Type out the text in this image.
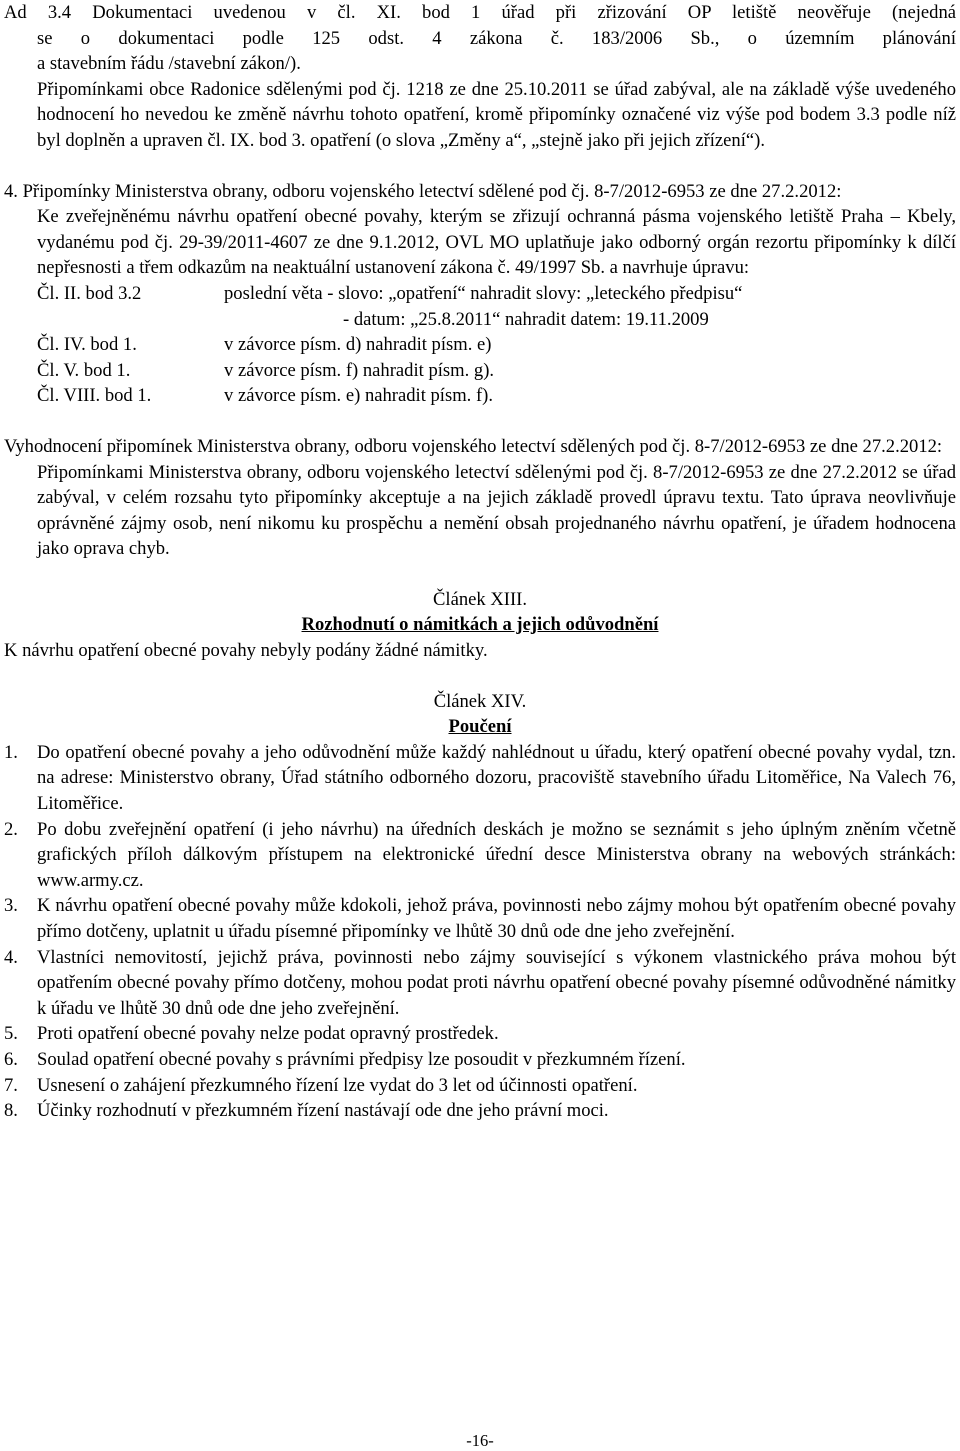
Ad 3.4 Dokumentaci uvedenou v čl. XI. bod 1 úřad při zřizování OP letiště neověřuje (nejedná

se o dokumentaci podle 125 odst. 4 zákona č. 183/2006 Sb., o územním plánování

a stavebním řádu /stavební zákon/).

Připomínkami obce Radonice sdělenými pod čj. 1218 ze dne 25.10.2011 se úřad zabýval, ale na základě výše uvedeného hodnocení ho nevedou ke změně návrhu tohoto opatření, kromě připomínky označené viz výše pod bodem 3.3 podle níž byl doplněn a upraven čl. IX. bod 3. opatření (o slova „Změny a“, „stejně jako při jejich zřízení“).

4. Připomínky Ministerstva obrany, odboru vojenského letectví sdělené pod čj. 8-7/2012-6953 ze dne 27.2.2012:

Ke zveřejněnému návrhu opatření obecné povahy, kterým se zřizují ochranná pásma vojenského letiště Praha – Kbely, vydanému pod čj. 29-39/2011-4607 ze dne 9.1.2012, OVL MO uplatňuje jako odborný orgán rezortu připomínky k dílčí nepřesnosti a třem odkazům na neaktuální ustanovení zákona č. 49/1997 Sb. a navrhuje úpravu:

Čl. II. bod 3.2	poslední věta - slovo: „opatření“ nahradit slovy: „leteckého předpisu“
- datum: „25.8.2011“ nahradit datem: 19.11.2009
Čl. IV. bod 1.	v závorce písm. d) nahradit písm. e)
Čl. V. bod 1.	v závorce písm. f) nahradit písm. g).
Čl. VIII. bod 1.	v závorce písm. e) nahradit písm. f).

Vyhodnocení připomínek Ministerstva obrany, odboru vojenského letectví sdělených pod čj. 8-7/2012-6953 ze dne 27.2.2012:

Připomínkami Ministerstva obrany, odboru vojenského letectví sdělenými pod čj. 8-7/2012-6953 ze dne 27.2.2012 se úřad zabýval, v celém rozsahu tyto připomínky akceptuje a na jejich základě provedl úpravu textu. Tato úprava neovlivňuje oprávněné zájmy osob, není nikomu ku prospěchu a nemění obsah projednaného návrhu opatření, je úřadem hodnocena jako oprava chyb.

Článek XIII.

Rozhodnutí o námitkách a jejich odůvodnění

K návrhu opatření obecné povahy nebyly podány žádné námitky.

Článek XIV.

Poučení

1.	Do opatření obecné povahy a jeho odůvodnění může každý nahlédnout u úřadu, který opatření obecné povahy vydal, tzn. na adrese: Ministerstvo obrany, Úřad státního odborného dozoru, pracoviště stavebního úřadu Litoměřice, Na Valech 76, Litoměřice.
2.	Po dobu zveřejnění opatření (i jeho návrhu) na úředních deskách je možno se seznámit s jeho úplným zněním včetně grafických příloh dálkovým přístupem na elektronické úřední desce Ministerstva obrany na webových stránkách: www.army.cz.
3.	K návrhu opatření obecné povahy může kdokoli, jehož práva, povinnosti nebo zájmy mohou být opatřením obecné povahy přímo dotčeny, uplatnit u úřadu písemné připomínky ve lhůtě 30 dnů ode dne jeho zveřejnění.
4.	Vlastníci nemovitostí, jejichž práva, povinnosti nebo zájmy související s výkonem vlastnického práva mohou být opatřením obecné povahy přímo dotčeny, mohou podat proti návrhu opatření obecné povahy písemné odůvodněné námitky k úřadu ve lhůtě 30 dnů ode dne jeho zveřejnění.
5.	Proti opatření obecné povahy nelze podat opravný prostředek.
6.	Soulad opatření obecné povahy s právními předpisy lze posoudit v přezkumném řízení.
7.	Usnesení o zahájení přezkumného řízení lze vydat do 3 let od účinnosti opatření.
8.	Účinky rozhodnutí v přezkumném řízení nastávají ode dne jeho právní moci.
-16-
